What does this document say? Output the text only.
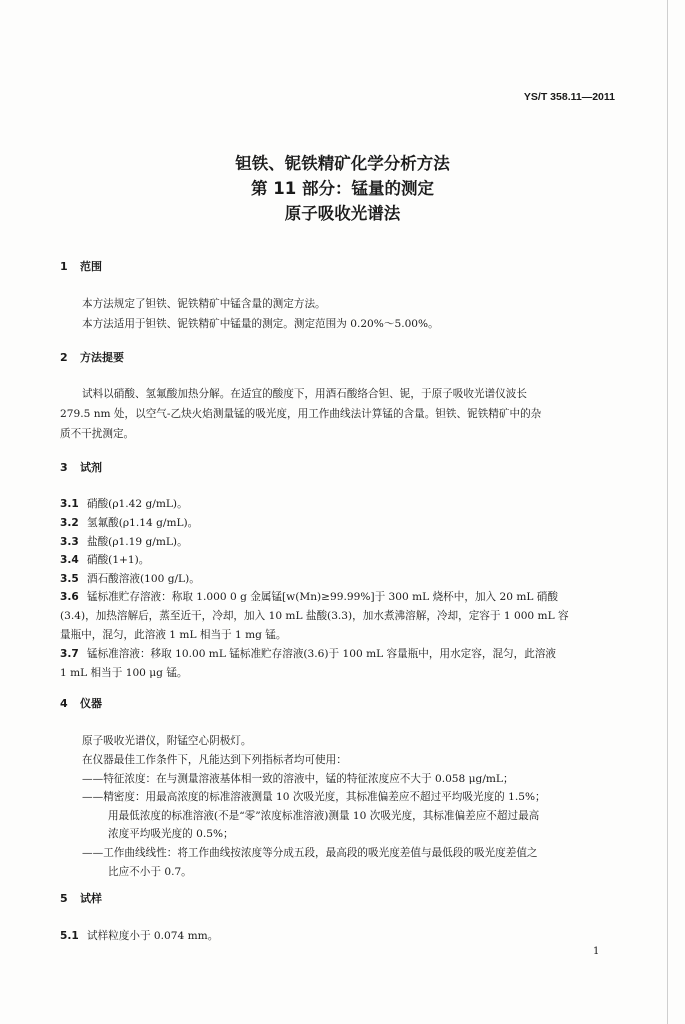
YS/T 358.11—2011
钽铁、铌铁精矿化学分析方法
第 11 部分：锰量的测定
原子吸收光谱法
1 范围
本方法规定了钽铁、铌铁精矿中锰含量的测定方法。
本方法适用于钽铁、铌铁精矿中锰量的测定。测定范围为 0.20%～5.00%。
2 方法提要
试料以硝酸、氢氟酸加热分解。在适宜的酸度下，用酒石酸络合钽、铌，于原子吸收光谱仪波长
279.5 nm 处，以空气-乙炔火焰测量锰的吸光度，用工作曲线法计算锰的含量。钽铁、铌铁精矿中的杂
质不干扰测定。
3 试剂
3.1 硝酸(ρ1.42 g/mL)。
3.2 氢氟酸(ρ1.14 g/mL)。
3.3 盐酸(ρ1.19 g/mL)。
3.4 硝酸(1+1)。
3.5 酒石酸溶液(100 g/L)。
3.6 锰标准贮存溶液：称取 1.000 0 g 金属锰[w(Mn)≥99.99%]于 300 mL 烧杯中，加入 20 mL 硝酸
(3.4)，加热溶解后，蒸至近干，冷却，加入 10 mL 盐酸(3.3)，加水煮沸溶解，冷却，定容于 1 000 mL 容
量瓶中，混匀，此溶液 1 mL 相当于 1 mg 锰。
3.7 锰标准溶液：移取 10.00 mL 锰标准贮存溶液(3.6)于 100 mL 容量瓶中，用水定容，混匀，此溶液
1 mL 相当于 100 μg 锰。
4 仪器
原子吸收光谱仪，附锰空心阴极灯。
在仪器最佳工作条件下，凡能达到下列指标者均可使用：
——特征浓度：在与测量溶液基体相一致的溶液中，锰的特征浓度应不大于 0.058 μg/mL；
——精密度：用最高浓度的标准溶液测量 10 次吸光度，其标准偏差应不超过平均吸光度的 1.5%；
用最低浓度的标准溶液(不是“零”浓度标准溶液)测量 10 次吸光度，其标准偏差应不超过最高
浓度平均吸光度的 0.5%；
——工作曲线线性：将工作曲线按浓度等分成五段，最高段的吸光度差值与最低段的吸光度差值之
比应不小于 0.7。
5 试样
5.1 试样粒度小于 0.074 mm。
1
